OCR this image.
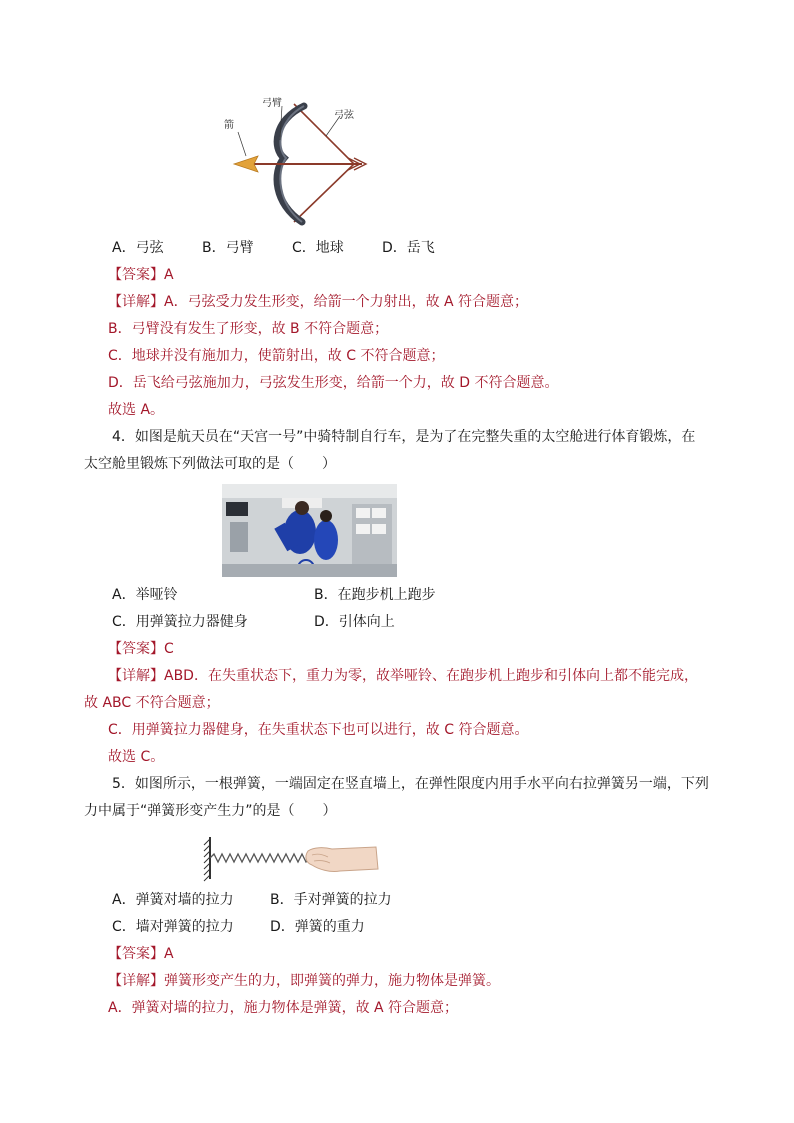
箭
弓臂
弓弦
A．弓弦	B．弓臂	C．地球	D．岳飞
【答案】A
【详解】A．弓弦受力发生形变，给箭一个力射出，故 A 符合题意；
B．弓臂没有发生了形变，故 B 不符合题意；
C．地球并没有施加力，使箭射出，故 C 不符合题意；
D．岳飞给弓弦施加力，弓弦发生形变，给箭一个力，故 D 不符合题意。
故选 A。
4．如图是航天员在“天宫一号”中骑特制自行车，是为了在完整失重的太空舱进行体育锻炼，在
太空舱里锻炼下列做法可取的是（　　）
A．举哑铃	B．在跑步机上跑步
C．用弹簧拉力器健身	D．引体向上
【答案】C
【详解】ABD．在失重状态下，重力为零，故举哑铃、在跑步机上跑步和引体向上都不能完成，
故 ABC 不符合题意；
C．用弹簧拉力器健身，在失重状态下也可以进行，故 C 符合题意。
故选 C。
5．如图所示，一根弹簧，一端固定在竖直墙上，在弹性限度内用手水平向右拉弹簧另一端，下列
力中属于“弹簧形变产生力”的是（　　）
A．弹簧对墙的拉力	B．手对弹簧的拉力
C．墙对弹簧的拉力	D．弹簧的重力
【答案】A
【详解】弹簧形变产生的力，即弹簧的弹力，施力物体是弹簧。
A．弹簧对墙的拉力，施力物体是弹簧，故 A 符合题意；
